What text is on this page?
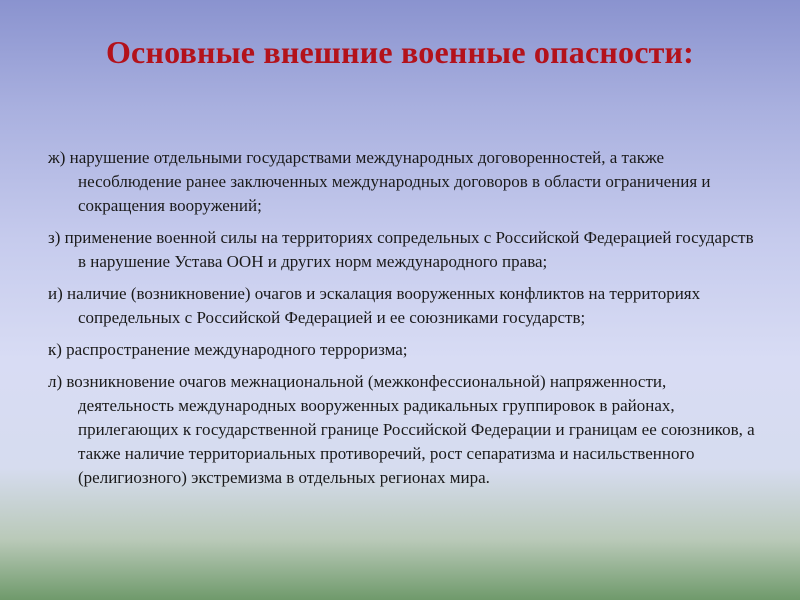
Основные внешние военные опасности:

ж) нарушение отдельными государствами международных договоренностей, а также несоблюдение ранее заключенных международных договоров в области ограничения и сокращения вооружений;

з) применение военной силы на территориях сопредельных с Российской Федерацией государств в нарушение Устава ООН и других норм международного права;

и) наличие (возникновение) очагов и эскалация вооруженных конфликтов на территориях сопредельных с Российской Федерацией и ее союзниками государств;

к) распространение международного терроризма;

л) возникновение очагов межнациональной (межконфессиональной) напряженности, деятельность международных вооруженных радикальных группировок в районах, прилегающих к государственной границе Российской Федерации и границам ее союзников, а также наличие территориальных противоречий, рост сепаратизма и насильственного (религиозного) экстремизма в отдельных регионах мира.
